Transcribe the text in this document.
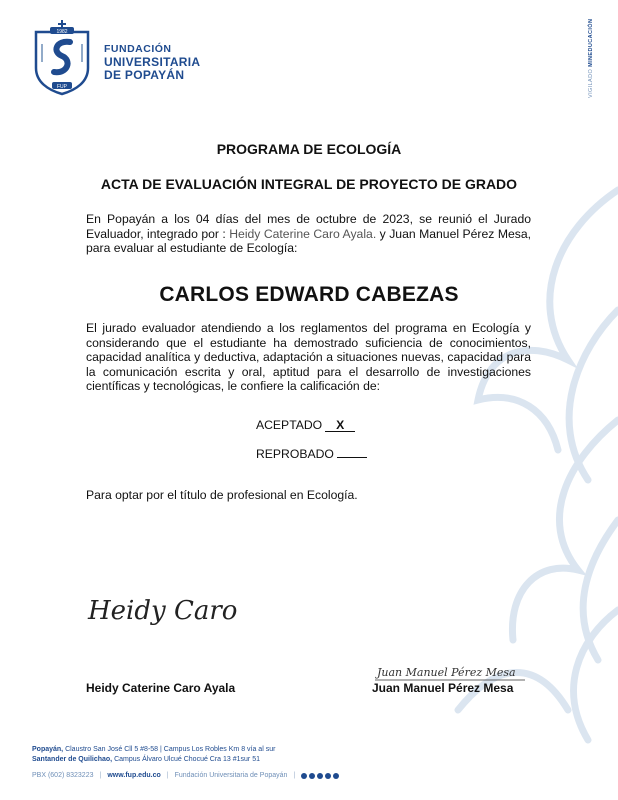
1982
FUP
FUNDACIÓN
UNIVERSITARIA
DE POPAYÁN	VIGILADO MINEDUCACIÓN
PROGRAMA DE ECOLOGÍA
ACTA DE EVALUACIÓN INTEGRAL DE PROYECTO DE GRADO
En Popayán a los 04 días del mes de octubre de 2023, se reunió el Jurado Evaluador, integrado por : Heidy Caterine Caro Ayala. y Juan Manuel Pérez Mesa, para evaluar al estudiante de Ecología:
CARLOS EDWARD CABEZAS
El jurado evaluador atendiendo a los reglamentos del programa en Ecología y considerando que el estudiante ha demostrado suficiencia de conocimientos, capacidad analítica y deductiva, adaptación a situaciones nuevas, capacidad para la comunicación escrita y oral, aptitud para el desarrollo de investigaciones científicas y tecnológicas, le confiere la calificación de:
ACEPTADO X
REPROBADO
Para optar por el título de profesional en Ecología.
Heidy Caro
Juan Manuel Pérez Mesa
Heidy Caterine Caro Ayala	Juan Manuel Pérez Mesa
Popayán, Claustro San José Cll 5 #8-58 | Campus Los Robles Km 8 vía al sur
Santander de Quilichao, Campus Álvaro Ulcué Chocué Cra 13 #1sur 51
PBX (602) 8323223 | www.fup.edu.co | Fundación Universitaria de Popayán |
